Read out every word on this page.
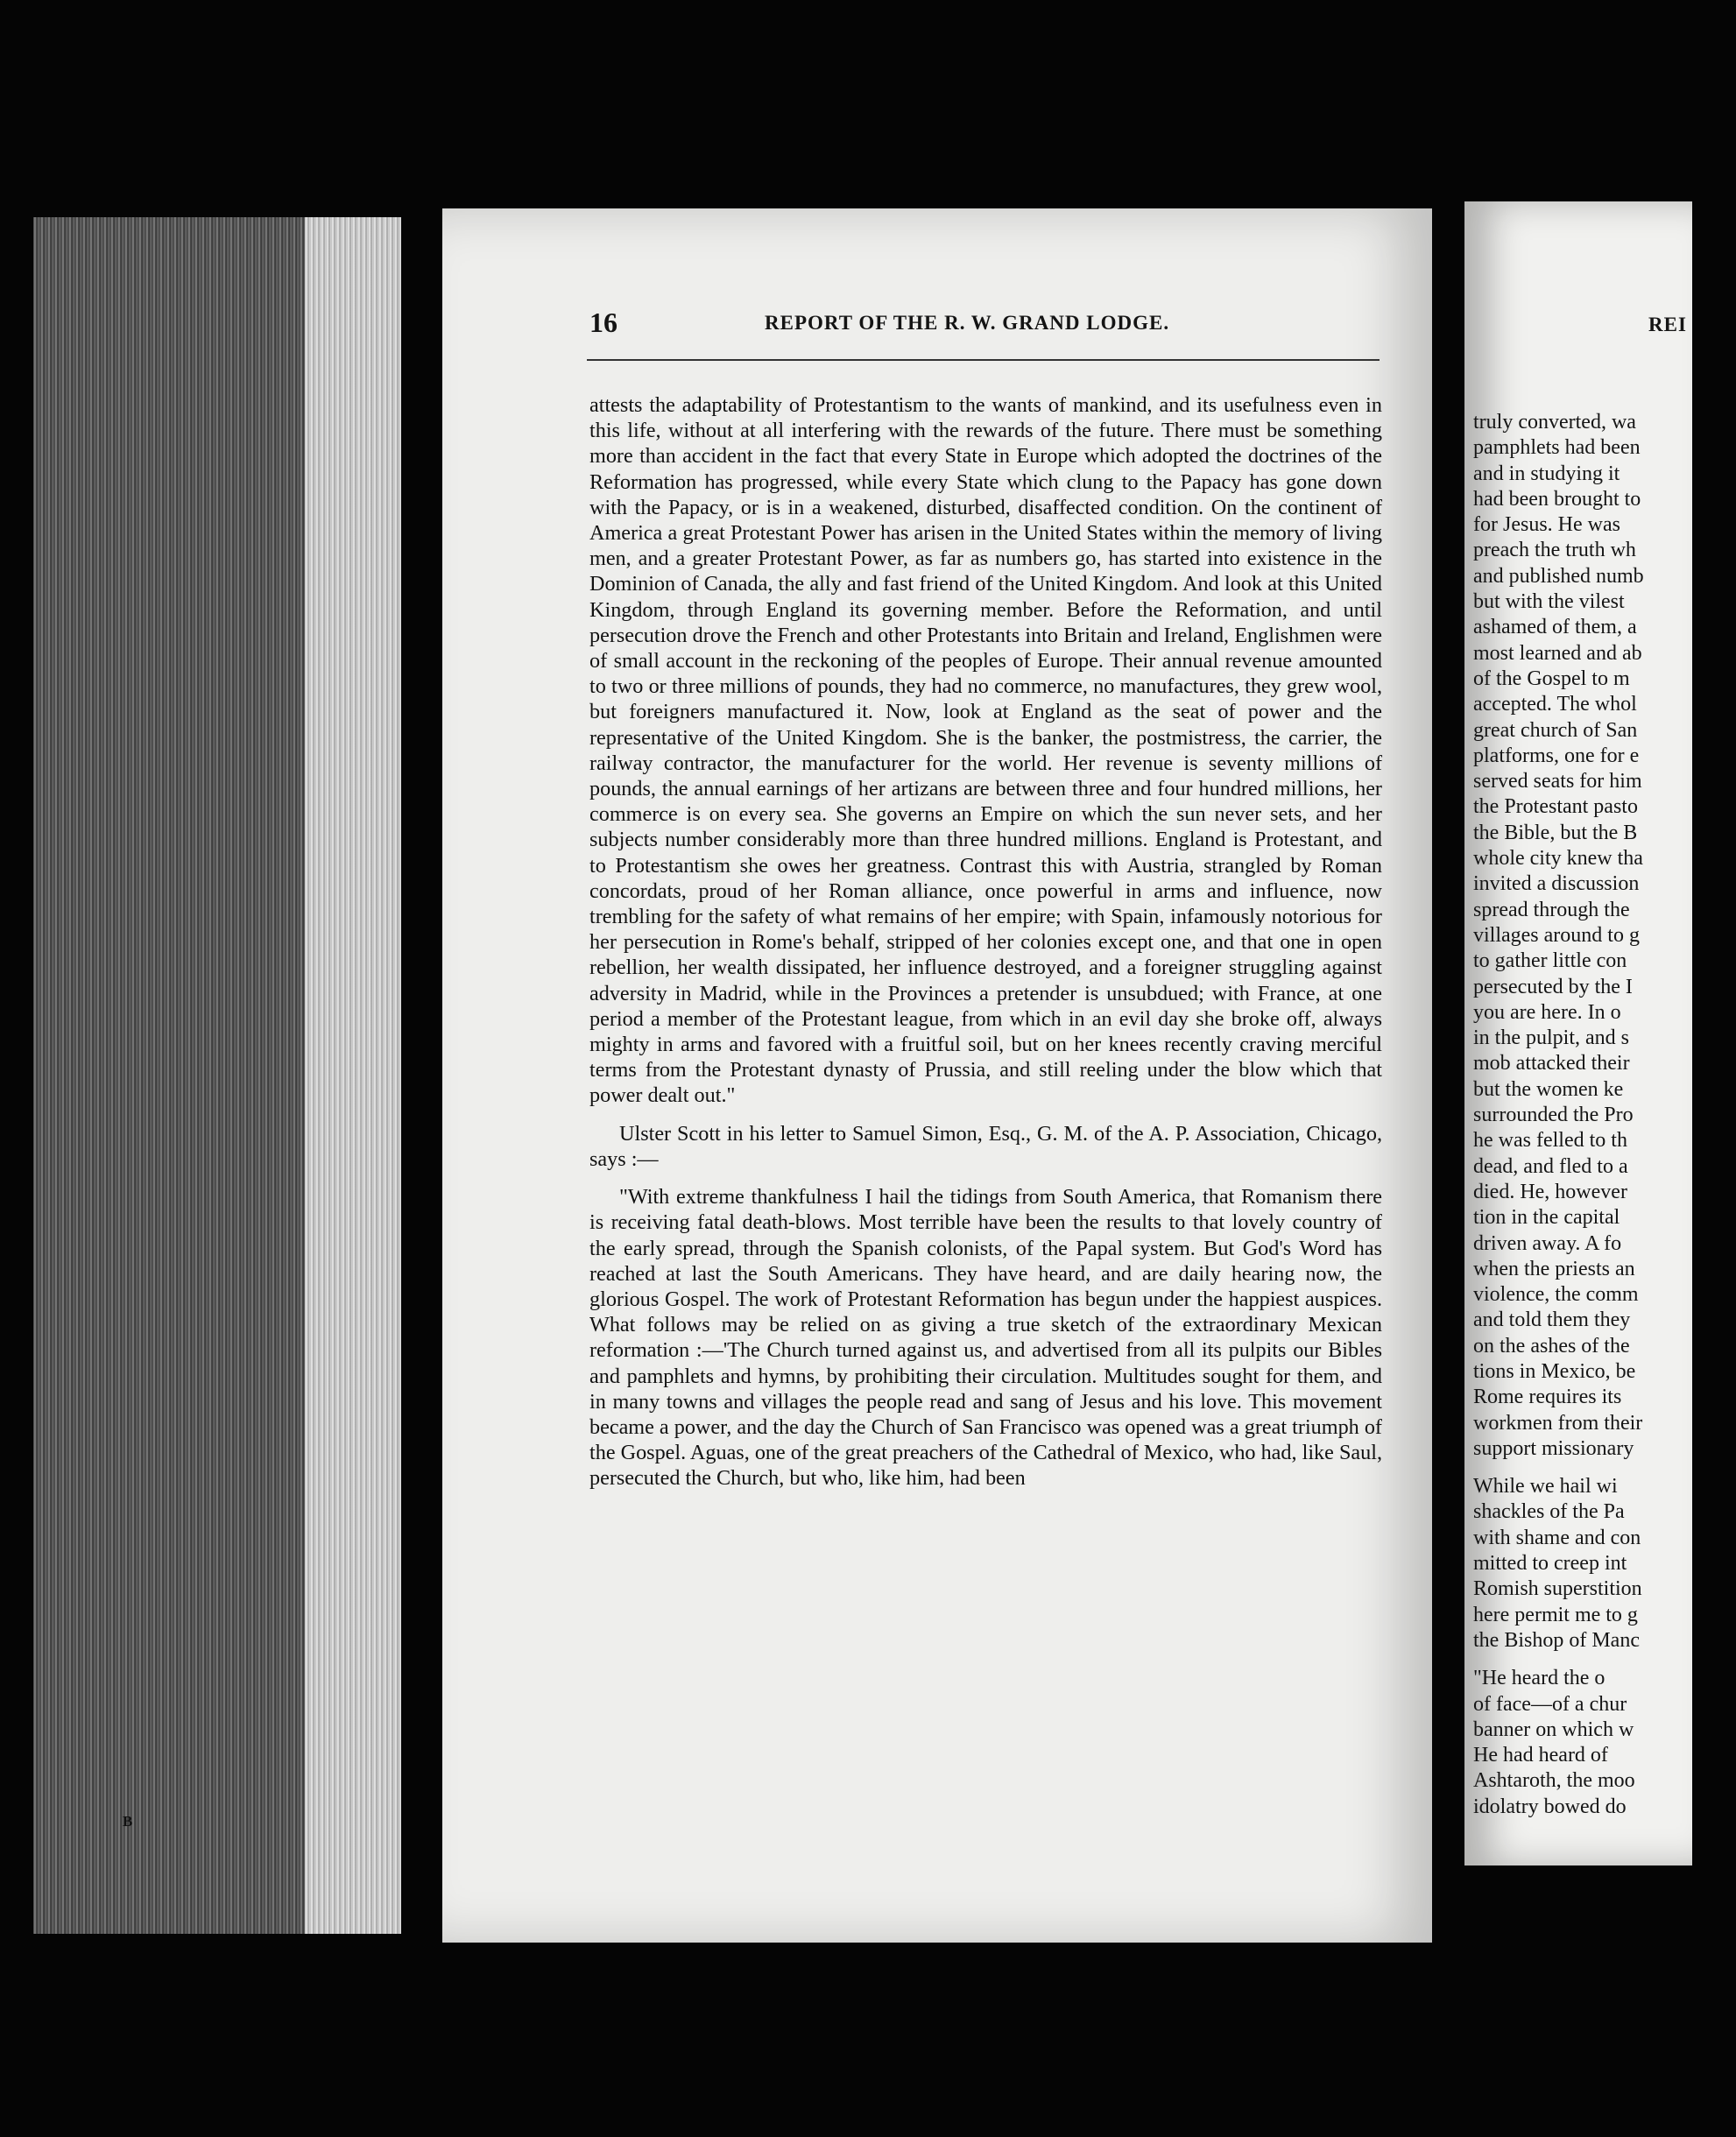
16	REPORT OF THE R. W. GRAND LODGE.

attests the adaptability of Protestantism to the wants of mankind, and its usefulness even in this life, without at all interfering with the rewards of the future. There must be something more than accident in the fact that every State in Europe which adopted the doctrines of the Reformation has progressed, while every State which clung to the Papacy has gone down with the Papacy, or is in a weakened, disturbed, disaffected condition. On the continent of America a great Protestant Power has arisen in the United States within the memory of living men, and a greater Protestant Power, as far as numbers go, has started into existence in the Dominion of Canada, the ally and fast friend of the United Kingdom. And look at this United Kingdom, through England its governing member. Before the Reformation, and until persecution drove the French and other Protestants into Britain and Ireland, Englishmen were of small account in the reckoning of the peoples of Europe. Their annual revenue amounted to two or three millions of pounds, they had no commerce, no manufactures, they grew wool, but foreigners manufactured it. Now, look at England as the seat of power and the representative of the United Kingdom. She is the banker, the postmistress, the carrier, the railway contractor, the manufacturer for the world. Her revenue is seventy millions of pounds, the annual earnings of her artizans are between three and four hundred millions, her commerce is on every sea. She governs an Empire on which the sun never sets, and her subjects number considerably more than three hundred millions. England is Protestant, and to Protestantism she owes her greatness. Contrast this with Austria, strangled by Roman concordats, proud of her Roman alliance, once powerful in arms and influence, now trembling for the safety of what remains of her empire; with Spain, infamously notorious for her persecution in Rome's behalf, stripped of her colonies except one, and that one in open rebellion, her wealth dissipated, her influence destroyed, and a foreigner struggling against adversity in Madrid, while in the Provinces a pretender is unsubdued; with France, at one period a member of the Protestant league, from which in an evil day she broke off, always mighty in arms and favored with a fruitful soil, but on her knees recently craving merciful terms from the Protestant dynasty of Prussia, and still reeling under the blow which that power dealt out."

Ulster Scott in his letter to Samuel Simon, Esq., G. M. of the A. P. Association, Chicago, says :—

"With extreme thankfulness I hail the tidings from South America, that Romanism there is receiving fatal death-blows. Most terrible have been the results to that lovely country of the early spread, through the Spanish colonists, of the Papal system. But God's Word has reached at last the South Americans. They have heard, and are daily hearing now, the glorious Gospel. The work of Protestant Reformation has begun under the happiest auspices. What follows may be relied on as giving a true sketch of the extraordinary Mexican reformation :—'The Church turned against us, and advertised from all its pulpits our Bibles and pamphlets and hymns, by prohibiting their circulation. Multitudes sought for them, and in many towns and villages the people read and sang of Jesus and his love. This movement became a power, and the day the Church of San Francisco was opened was a great triumph of the Gospel. Aguas, one of the great preachers of the Cathedral of Mexico, who had, like Saul, persecuted the Church, but who, like him, had been

REI
truly converted, wa
pamphlets had been
and in studying it
had been brought to
for Jesus. He was
preach the truth wh
and published numb
but with the vilest
ashamed of them, a
most learned and ab
of the Gospel to m
accepted. The whol
great church of San
platforms, one for e
served seats for him
the Protestant pasto
the Bible, but the B
whole city knew tha
invited a discussion
spread through the
villages around to g
to gather little con
persecuted by the I
you are here. In o
in the pulpit, and s
mob attacked their
but the women ke
surrounded the Pro
he was felled to th
dead, and fled to a
died. He, however
tion in the capital
driven away. A fo
when the priests an
violence, the comm
and told them they
on the ashes of the
tions in Mexico, be
Rome requires its
workmen from their
support missionary
While we hail wi
shackles of the Pa
with shame and con
mitted to creep int
Romish superstition
here permit me to g
the Bishop of Manc
"He heard the o
of face—of a chur
banner on which w
He had heard of
Ashtaroth, the moo
idolatry bowed do
B
